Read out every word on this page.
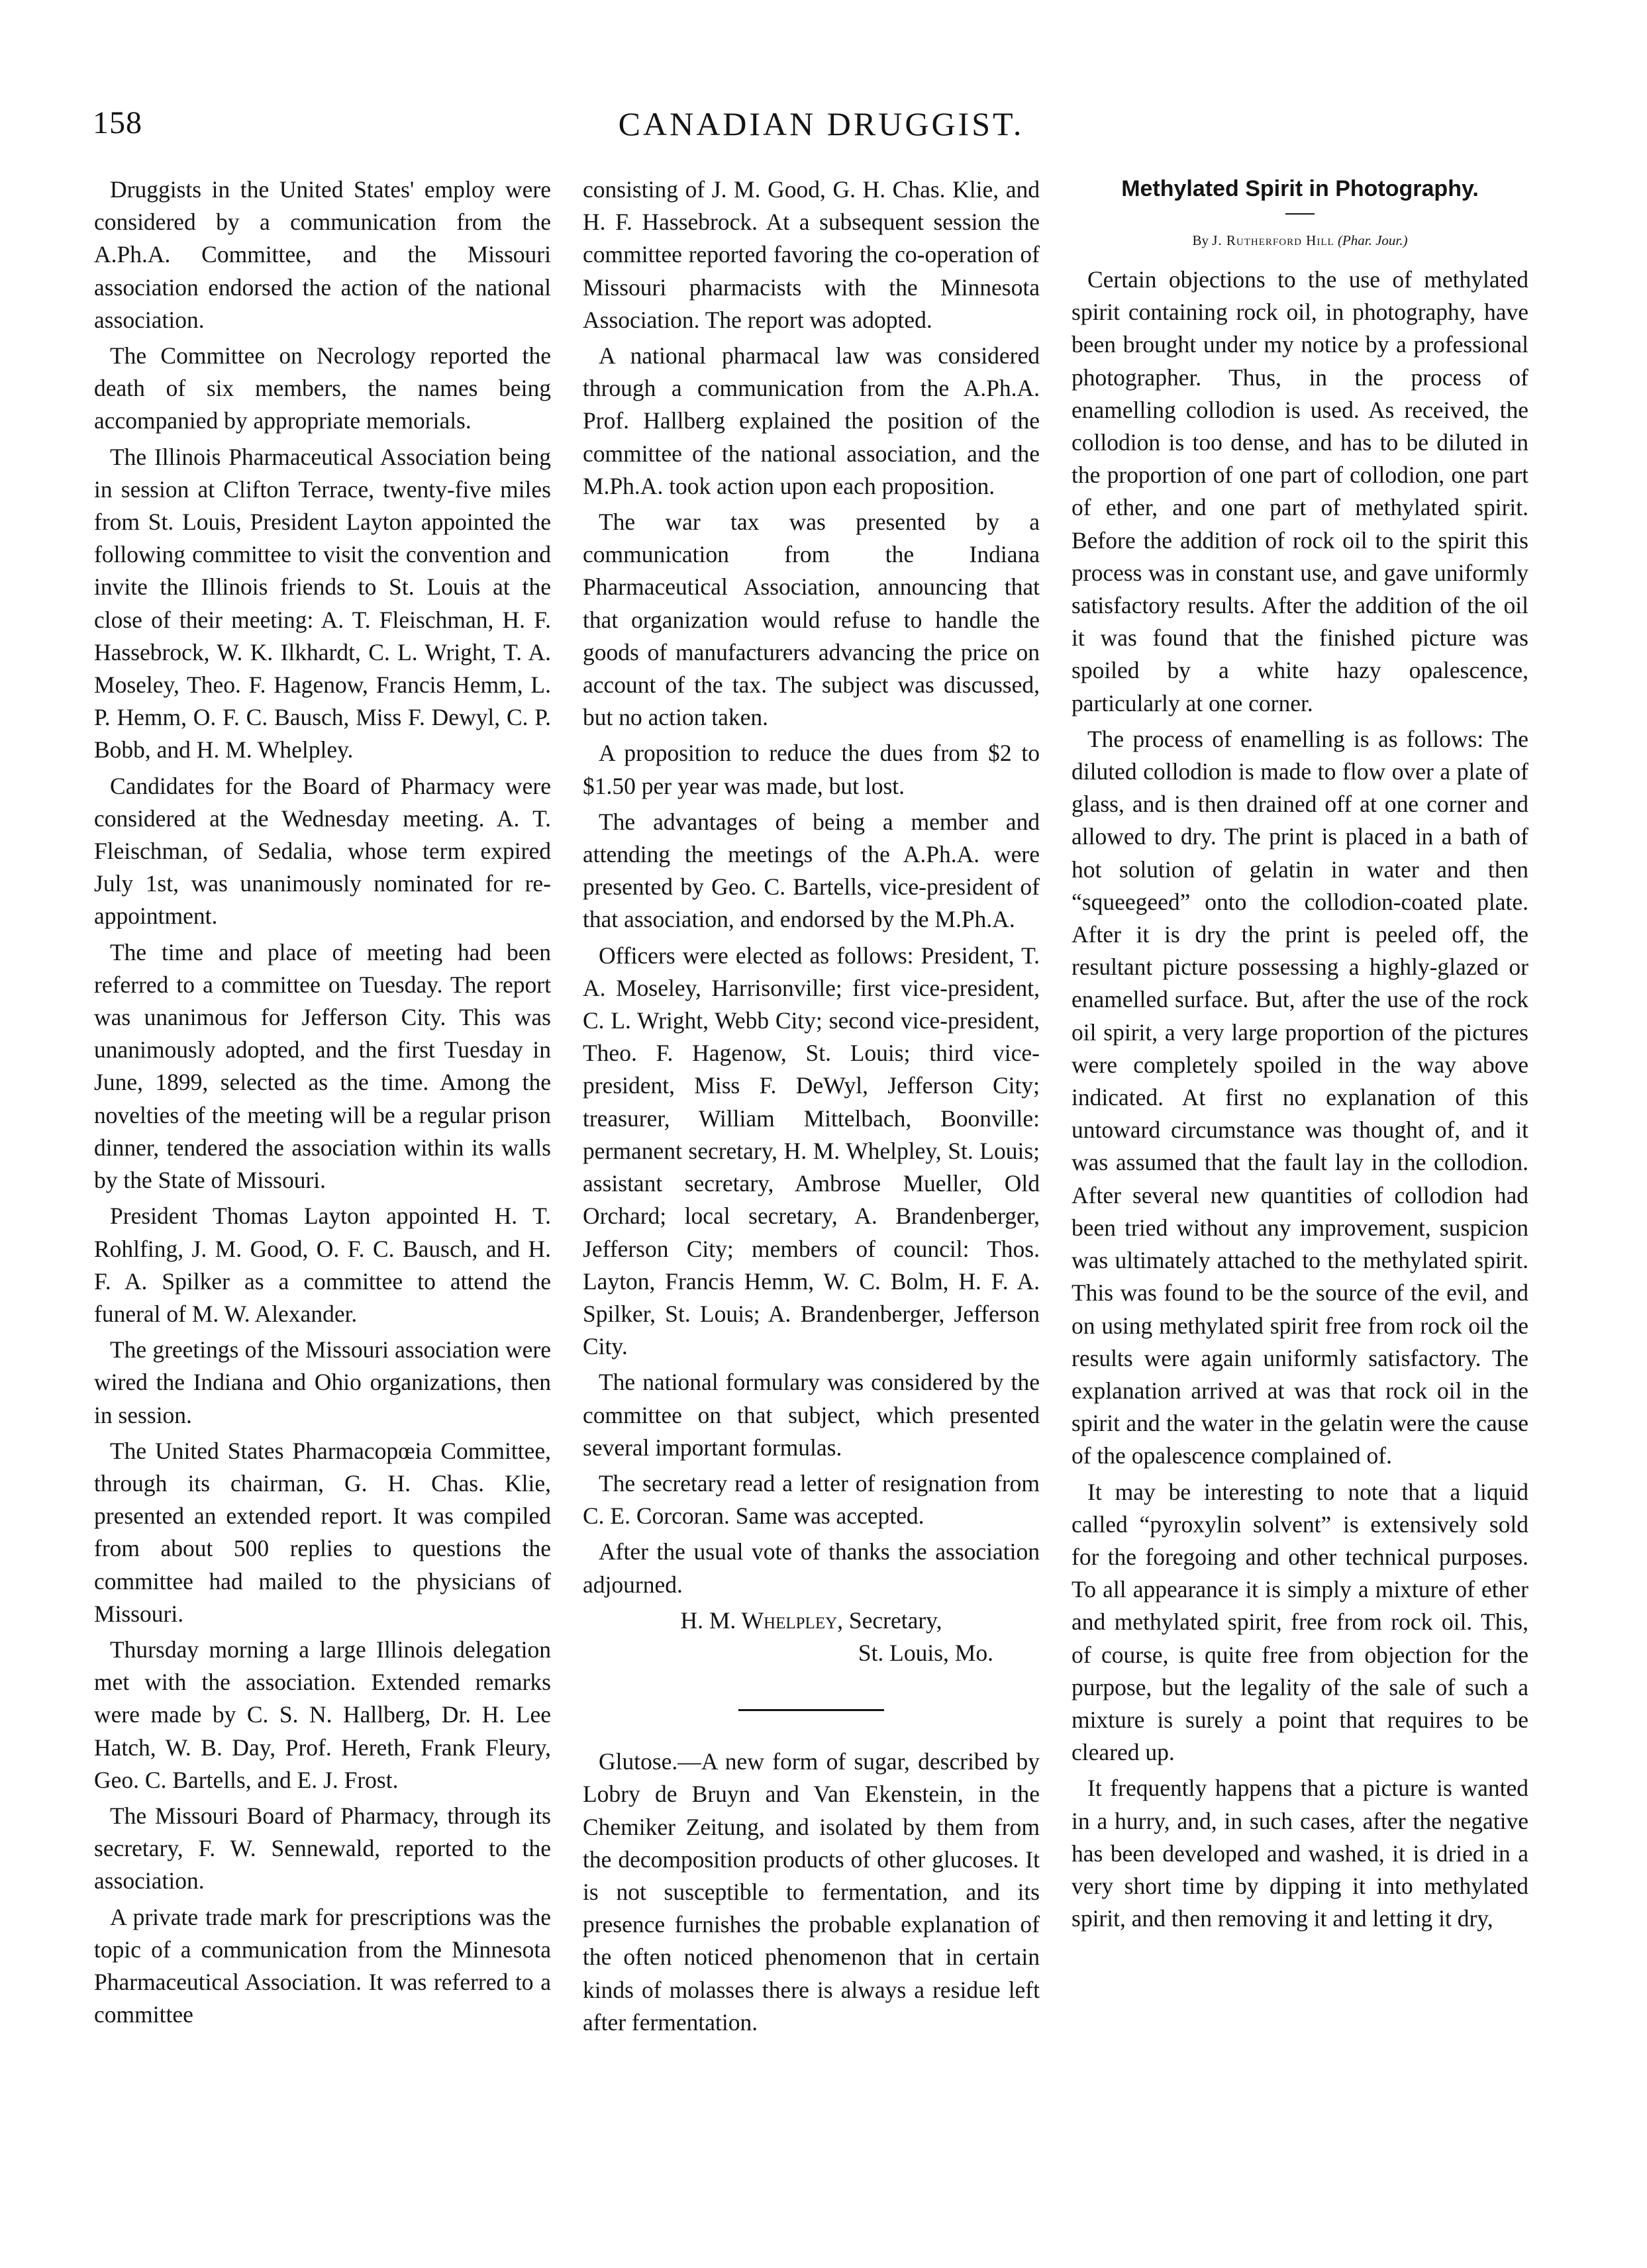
158	CANADIAN DRUGGIST.

Druggists in the United States' employ were considered by a communication from the A.Ph.A. Committee, and the Missouri association endorsed the action of the national association.

The Committee on Necrology reported the death of six members, the names being accompanied by appropriate memorials.

The Illinois Pharmaceutical Association being in session at Clifton Terrace, twenty-five miles from St. Louis, President Layton appointed the following committee to visit the convention and invite the Illinois friends to St. Louis at the close of their meeting: A. T. Fleischman, H. F. Hassebrock, W. K. Ilkhardt, C. L. Wright, T. A. Moseley, Theo. F. Hagenow, Francis Hemm, L. P. Hemm, O. F. C. Bausch, Miss F. Dewyl, C. P. Bobb, and H. M. Whelpley.

Candidates for the Board of Pharmacy were considered at the Wednesday meeting. A. T. Fleischman, of Sedalia, whose term expired July 1st, was unanimously nominated for re-appointment.

The time and place of meeting had been referred to a committee on Tuesday. The report was unanimous for Jefferson City. This was unanimously adopted, and the first Tuesday in June, 1899, selected as the time. Among the novelties of the meeting will be a regular prison dinner, tendered the association within its walls by the State of Missouri.

President Thomas Layton appointed H. T. Rohlfing, J. M. Good, O. F. C. Bausch, and H. F. A. Spilker as a committee to attend the funeral of M. W. Alexander.

The greetings of the Missouri association were wired the Indiana and Ohio organizations, then in session.

The United States Pharmacopœia Committee, through its chairman, G. H. Chas. Klie, presented an extended report. It was compiled from about 500 replies to questions the committee had mailed to the physicians of Missouri.

Thursday morning a large Illinois delegation met with the association. Extended remarks were made by C. S. N. Hallberg, Dr. H. Lee Hatch, W. B. Day, Prof. Hereth, Frank Fleury, Geo. C. Bartells, and E. J. Frost.

The Missouri Board of Pharmacy, through its secretary, F. W. Sennewald, reported to the association.

A private trade mark for prescriptions was the topic of a communication from the Minnesota Pharmaceutical Association. It was referred to a committee

consisting of J. M. Good, G. H. Chas. Klie, and H. F. Hassebrock. At a subsequent session the committee reported favoring the co-operation of Missouri pharmacists with the Minnesota Association. The report was adopted.

A national pharmacal law was considered through a communication from the A.Ph.A. Prof. Hallberg explained the position of the committee of the national association, and the M.Ph.A. took action upon each proposition.

The war tax was presented by a communication from the Indiana Pharmaceutical Association, announcing that that organization would refuse to handle the goods of manufacturers advancing the price on account of the tax. The subject was discussed, but no action taken.

A proposition to reduce the dues from $2 to $1.50 per year was made, but lost.

The advantages of being a member and attending the meetings of the A.Ph.A. were presented by Geo. C. Bartells, vice-president of that association, and endorsed by the M.Ph.A.

Officers were elected as follows: President, T. A. Moseley, Harrisonville; first vice-president, C. L. Wright, Webb City; second vice-president, Theo. F. Hagenow, St. Louis; third vice-president, Miss F. DeWyl, Jefferson City; treasurer, William Mittelbach, Boonville: permanent secretary, H. M. Whelpley, St. Louis; assistant secretary, Ambrose Mueller, Old Orchard; local secretary, A. Brandenberger, Jefferson City; members of council: Thos. Layton, Francis Hemm, W. C. Bolm, H. F. A. Spilker, St. Louis; A. Brandenberger, Jefferson City.

The national formulary was considered by the committee on that subject, which presented several important formulas.

The secretary read a letter of resignation from C. E. Corcoran. Same was accepted.

After the usual vote of thanks the association adjourned.

H. M. Whelpley, Secretary,

St. Louis, Mo.

Glutose.—A new form of sugar, described by Lobry de Bruyn and Van Ekenstein, in the Chemiker Zeitung, and isolated by them from the decomposition products of other glucoses. It is not susceptible to fermentation, and its presence furnishes the probable explanation of the often noticed phenomenon that in certain kinds of molasses there is always a residue left after fermentation.

Methylated Spirit in Photography.

By J. Rutherford Hill (Phar. Jour.)

Certain objections to the use of methylated spirit containing rock oil, in photography, have been brought under my notice by a professional photographer. Thus, in the process of enamelling collodion is used. As received, the collodion is too dense, and has to be diluted in the proportion of one part of collodion, one part of ether, and one part of methylated spirit. Before the addition of rock oil to the spirit this process was in constant use, and gave uniformly satisfactory results. After the addition of the oil it was found that the finished picture was spoiled by a white hazy opalescence, particularly at one corner.

The process of enamelling is as follows: The diluted collodion is made to flow over a plate of glass, and is then drained off at one corner and allowed to dry. The print is placed in a bath of hot solution of gelatin in water and then “squeegeed” onto the collodion-coated plate. After it is dry the print is peeled off, the resultant picture possessing a highly-glazed or enamelled surface. But, after the use of the rock oil spirit, a very large proportion of the pictures were completely spoiled in the way above indicated. At first no explanation of this untoward circumstance was thought of, and it was assumed that the fault lay in the collodion. After several new quantities of collodion had been tried without any improvement, suspicion was ultimately attached to the methylated spirit. This was found to be the source of the evil, and on using methylated spirit free from rock oil the results were again uniformly satisfactory. The explanation arrived at was that rock oil in the spirit and the water in the gelatin were the cause of the opalescence complained of.

It may be interesting to note that a liquid called “pyroxylin solvent” is extensively sold for the foregoing and other technical purposes. To all appearance it is simply a mixture of ether and methylated spirit, free from rock oil. This, of course, is quite free from objection for the purpose, but the legality of the sale of such a mixture is surely a point that requires to be cleared up.

It frequently happens that a picture is wanted in a hurry, and, in such cases, after the negative has been developed and washed, it is dried in a very short time by dipping it into methylated spirit, and then removing it and letting it dry,
